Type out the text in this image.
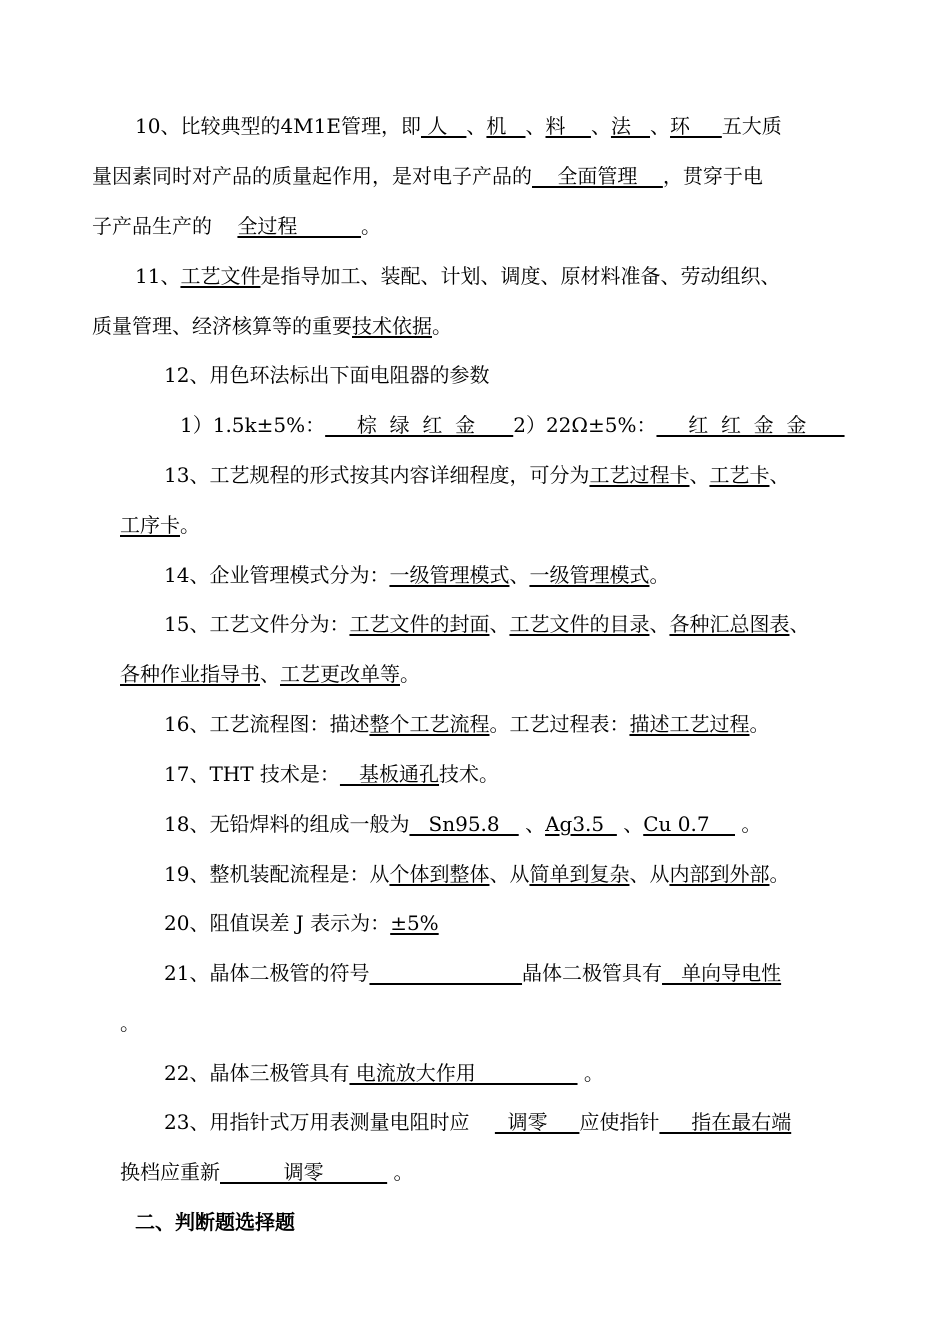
10、比较典型的4M1E管理，即 人   、机   、料    、法   、环     五大质
量因素同时对产品的质量起作用，是对电子产品的    全面管理    ，贯穿于电
子产品生产的    全过程          。
11、工艺文件是指导加工、装配、计划、调度、原材料准备、劳动组织、
质量管理、经济核算等的重要技术依据。
12、用色环法标出下面电阻器的参数
1）1.5k±5%：     棕  绿  红  金      2）22Ω±5%：     红  红  金  金
13、工艺规程的形式按其内容详细程度，可分为工艺过程卡、工艺卡、
工序卡。
14、企业管理模式分为：一级管理模式、一级管理模式。
15、工艺文件分为：工艺文件的封面、工艺文件的目录、各种汇总图表、
各种作业指导书、工艺更改单等。
16、工艺流程图：描述整个工艺流程。工艺过程表：描述工艺过程。
17、THT 技术是：   基板通孔技术。
18、无铅焊料的组成一般为   Sn95.8    、Ag3.5   、Cu 0.7     。
19、整机装配流程是：从个体到整体、从简单到复杂、从内部到外部。
20、阻值误差 J 表示为：±5%
21、晶体二极管的符号	晶体二极管具有   单向导电性
。
22、晶体三极管具有 电流放大作用                 。
23、用指针式万用表测量电阻时应      调零     应使指针     指在最右端
换档应重新          调零           。
二、判断题选择题
